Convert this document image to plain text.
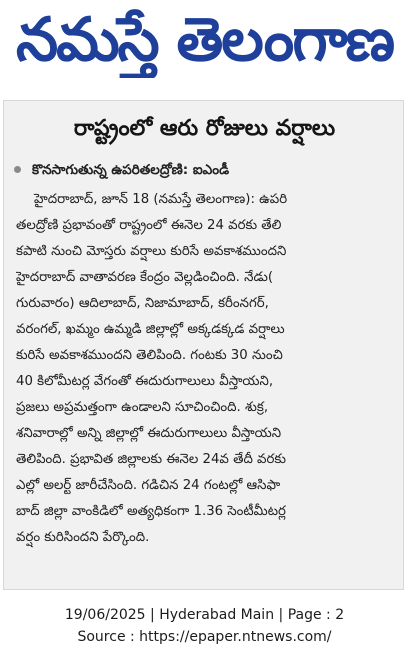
నమస్తే తెలంగాణ
రాష్ట్రంలో ఆరు రోజులు వర్షాలు
కొనసాగుతున్న ఉపరితలద్రోణి: ఐఎండీ
హైదరాబాద్, జూన్ 18 (నమస్తే తెలంగాణ): ఉపరి
తలద్రోణి ప్రభావంతో రాష్ట్రంలో ఈనెల 24 వరకు తేలి
కపాటి నుంచి మోస్తరు వర్షాలు కురిసే అవకాశముందని
హైదరాబాద్ వాతావరణ కేంద్రం వెల్లడించింది. నేడు(
గురువారం) ఆదిలాబాద్, నిజామాబాద్, కరీంనగర్,
వరంగల్, ఖమ్మం ఉమ్మడి జిల్లాల్లో అక్కడక్కడ వర్షాలు
కురిసే అవకాశముందని తెలిపింది. గంటకు 30 నుంచి
40 కిలోమీటర్ల వేగంతో ఈదురుగాలులు వీస్తాయని,
ప్రజలు అప్రమత్తంగా ఉండాలని సూచించింది. శుక్ర,
శనివారాల్లో అన్ని జిల్లాల్లో ఈదురుగాలులు వీస్తాయని
తెలిపింది. ప్రభావిత జిల్లాలకు ఈనెల 24వ తేదీ వరకు
ఎల్లో అలర్ట్ జారీచేసింది. గడిచిన 24 గంటల్లో ఆసిఫా
బాద్ జిల్లా వాంకిడిలో అత్యధికంగా 1.36 సెంటీమీటర్ల
వర్షం కురిసిందని పేర్కొంది.
19/06/2025 | Hyderabad Main | Page : 2
Source : https://epaper.ntnews.com/
